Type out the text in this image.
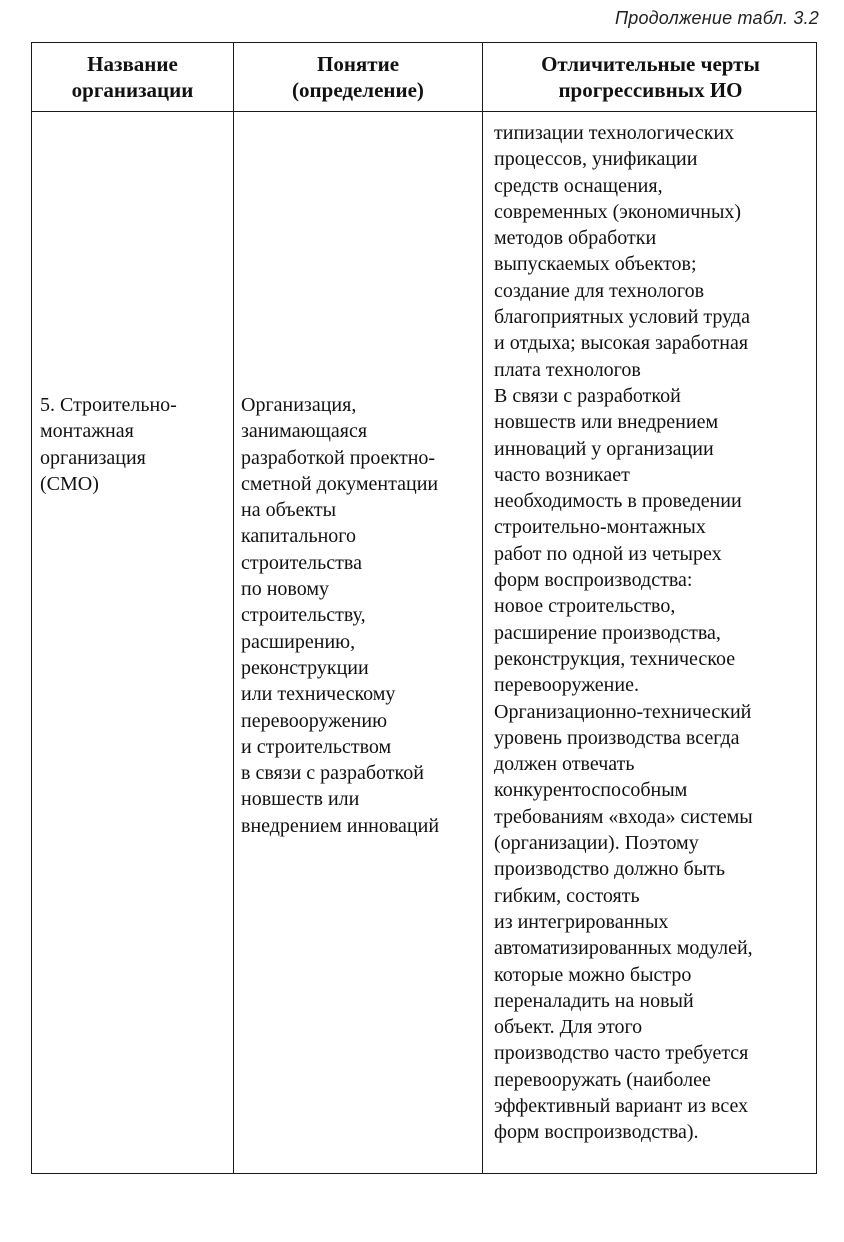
Продолжение табл. 3.2
Название
организации
Понятие
(определение)
Отличительные черты
прогрессивных ИО
5. Строительно-
монтажная
организация
(СМО)
Организация,
занимающаяся
разработкой проектно-
сметной документации
на объекты
капитального
строительства
по новому
строительству,
расширению,
реконструкции
или техническому
перевооружению
и строительством
в связи с разработкой
новшеств или
внедрением инноваций
типизации технологических
процессов, унификации
средств оснащения,
современных (экономичных)
методов обработки
выпускаемых объектов;
создание для технологов
благоприятных условий труда
и отдыха; высокая заработная
плата технологов
В связи с разработкой
новшеств или внедрением
инноваций у организации
часто возникает
необходимость в проведении
строительно-монтажных
работ по одной из четырех
форм воспроизводства:
новое строительство,
расширение производства,
реконструкция, техническое
перевооружение.
Организационно-технический
уровень производства всегда
должен отвечать
конкурентоспособным
требованиям «входа» системы
(организации). Поэтому
производство должно быть
гибким, состоять
из интегрированных
автоматизированных модулей,
которые можно быстро
переналадить на новый
объект. Для этого
производство часто требуется
перевооружать (наиболее
эффективный вариант из всех
форм воспроизводства).
